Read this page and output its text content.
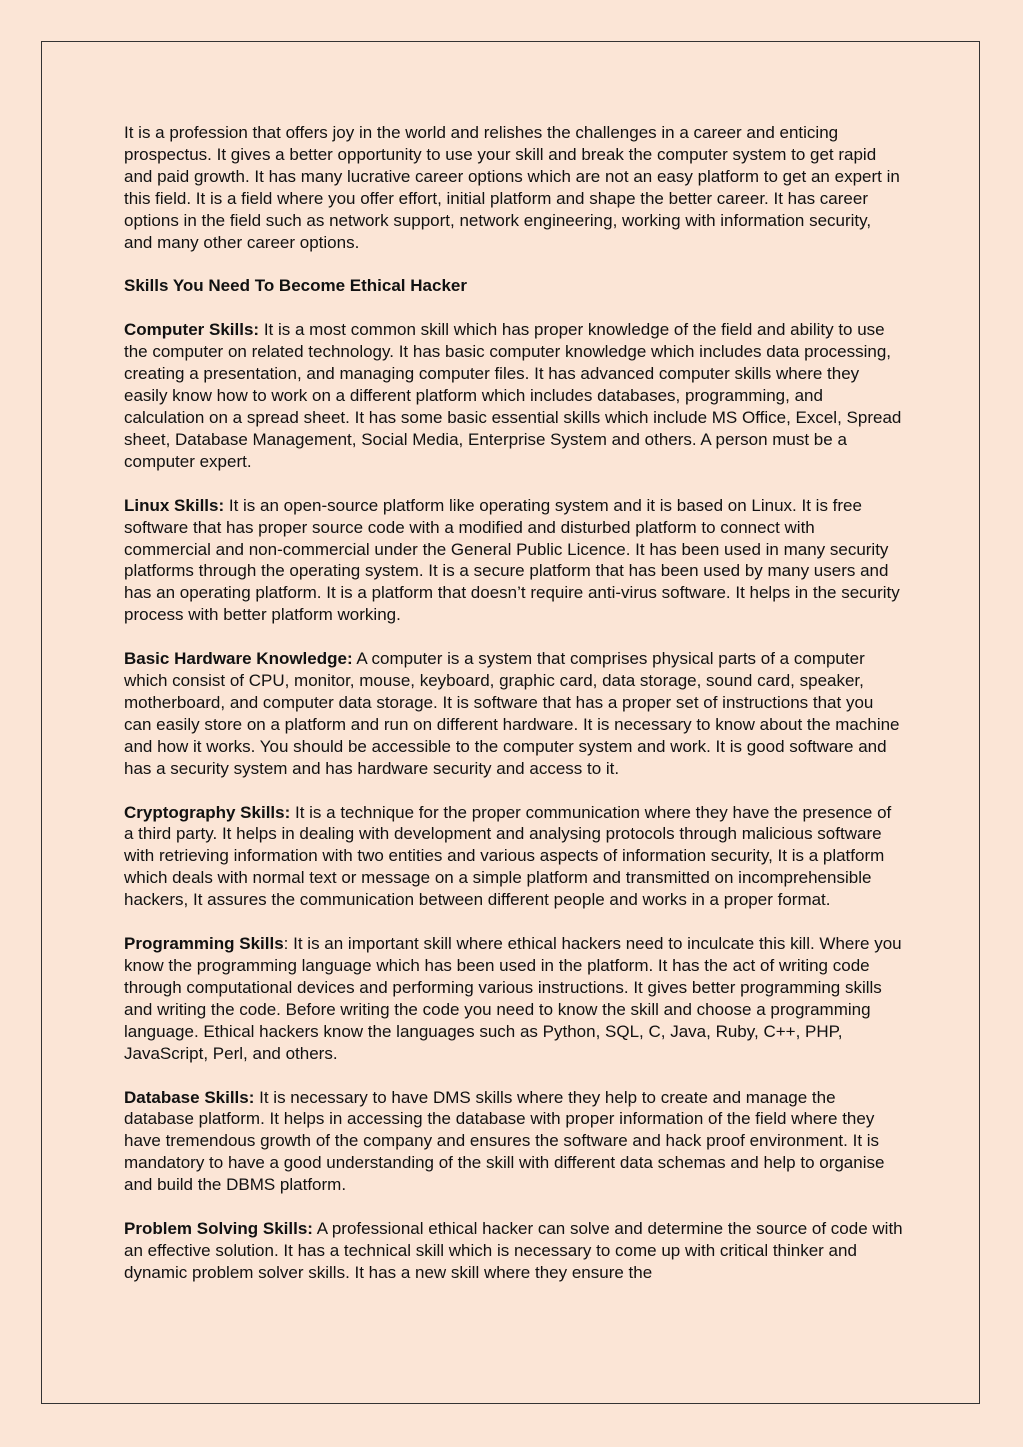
It is a profession that offers joy in the world and relishes the challenges in a career and enticing prospectus. It gives a better opportunity to use your skill and break the computer system to get rapid and paid growth. It has many lucrative career options which are not an easy platform to get an expert in this field. It is a field where you offer effort, initial platform and shape the better career. It has career options in the field such as network support, network engineering, working with information security, and many other career options.

Skills You Need To Become Ethical Hacker

Computer Skills: It is a most common skill which has proper knowledge of the field and ability to use the computer on related technology. It has basic computer knowledge which includes data processing, creating a presentation, and managing computer files. It has advanced computer skills where they easily know how to work on a different platform which includes databases, programming, and calculation on a spread sheet. It has some basic essential skills which include MS Office, Excel, Spread sheet, Database Management, Social Media, Enterprise System and others. A person must be a computer expert.

Linux Skills: It is an open-source platform like operating system and it is based on Linux. It is free software that has proper source code with a modified and disturbed platform to connect with commercial and non-commercial under the General Public Licence. It has been used in many security platforms through the operating system. It is a secure platform that has been used by many users and has an operating platform. It is a platform that doesn’t require anti-virus software. It helps in the security process with better platform working.

Basic Hardware Knowledge: A computer is a system that comprises physical parts of a computer which consist of CPU, monitor, mouse, keyboard, graphic card, data storage, sound card, speaker, motherboard, and computer data storage. It is software that has a proper set of instructions that you can easily store on a platform and run on different hardware. It is necessary to know about the machine and how it works. You should be accessible to the computer system and work. It is good software and has a security system and has hardware security and access to it.

Cryptography Skills: It is a technique for the proper communication where they have the presence of a third party. It helps in dealing with development and analysing protocols through malicious software with retrieving information with two entities and various aspects of information security, It is a platform which deals with normal text or message on a simple platform and transmitted on incomprehensible hackers, It assures the communication between different people and works in a proper format.

Programming Skills: It is an important skill where ethical hackers need to inculcate this kill. Where you know the programming language which has been used in the platform. It has the act of writing code through computational devices and performing various instructions. It gives better programming skills and writing the code. Before writing the code you need to know the skill and choose a programming language. Ethical hackers know the languages such as Python, SQL, C, Java, Ruby, C++, PHP, JavaScript, Perl, and others.

Database Skills: It is necessary to have DMS skills where they help to create and manage the database platform. It helps in accessing the database with proper information of the field where they have tremendous growth of the company and ensures the software and hack proof environment. It is mandatory to have a good understanding of the skill with different data schemas and help to organise and build the DBMS platform.

Problem Solving Skills: A professional ethical hacker can solve and determine the source of code with an effective solution. It has a technical skill which is necessary to come up with critical thinker and dynamic problem solver skills. It has a new skill where they ensure the
